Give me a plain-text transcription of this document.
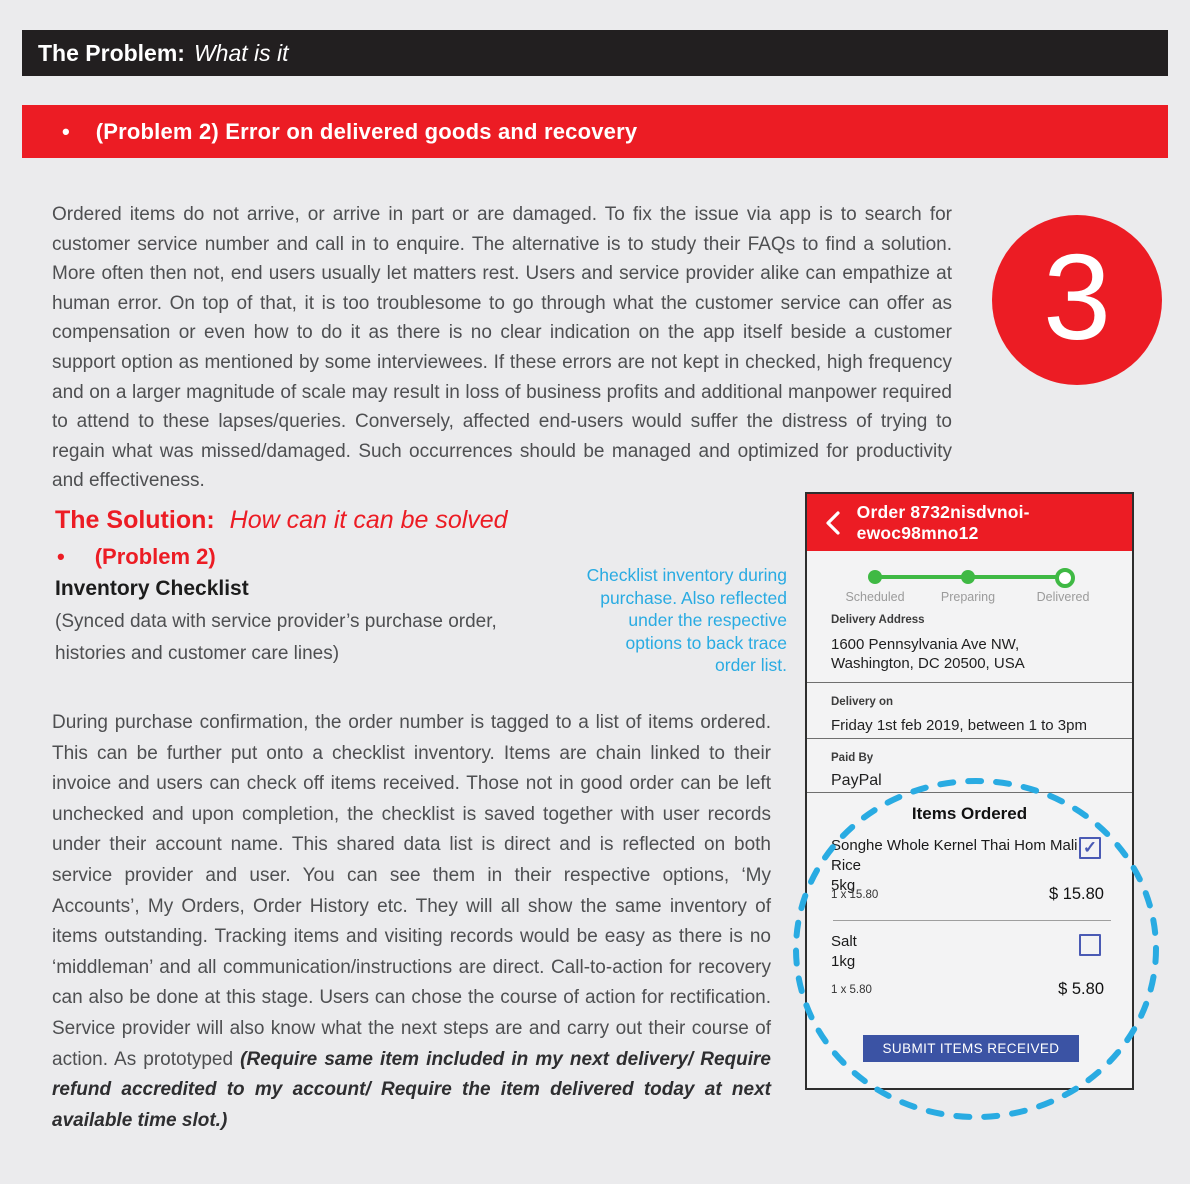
The Problem: What is it
• (Problem 2) Error on delivered goods and recovery

Ordered items do not arrive, or arrive in part or are damaged. To fix the issue via app is to search for customer service number and call in to enquire. The alternative is to study their FAQs to find a solution. More often then not, end users usually let matters rest. Users and service provider alike can empathize at human error. On top of that, it is too troublesome to go through what the customer service can offer as compensation or even how to do it as there is no clear indication on the app itself beside a customer support option as mentioned by some interviewees. If these errors are not kept in checked, high frequency and on a larger magnitude of scale may result in loss of business profits and additional manpower required to attend to these lapses/queries. Conversely, affected end-users would suffer the distress of trying to regain what was missed/damaged. Such occurrences should be managed and optimized for productivity and effectiveness.

3
The Solution: How can it can be solved
• (Problem 2)
Inventory Checklist
(Synced data with service provider’s purchase order,
histories and customer care lines)
Checklist inventory during
purchase. Also reflected
under the respective
options to back trace
order list.

During purchase confirmation, the order number is tagged to a list of items ordered. This can be further put onto a checklist inventory. Items are chain linked to their invoice and users can check off items received. Those not in good order can be left unchecked and upon completion, the checklist is saved together with user records under their account name. This shared data list is direct and is reflected on both service provider and user. You can see them in their respective options, ‘My Accounts’, My Orders, Order History etc. They will all show the same inventory of items outstanding. Tracking items and visiting records would be easy as there is no ‘middleman’ and all communication/instructions are direct. Call-to-action for recovery can also be done at this stage. Users can chose the course of action for rectification. Service provider will also know what the next steps are and carry out their course of action. As prototyped (Require same item included in my next delivery/ Require refund accredited to my account/ Require the item delivered today at next available time slot.)

Order 8732nisdvnoi-ewoc98mno12
Scheduled	Preparing	Delivered
Delivery Address
1600 Pennsylvania Ave NW,
Washington, DC 20500, USA
Delivery on
Friday 1st feb 2019, between 1 to 3pm
Paid By
PayPal
Items Ordered
Songhe Whole Kernel Thai Hom Mali Rice
5kg
✓
1 x 15.80	$ 15.80
Salt
1kg
1 x 5.80	$ 5.80
SUBMIT ITEMS RECEIVED
